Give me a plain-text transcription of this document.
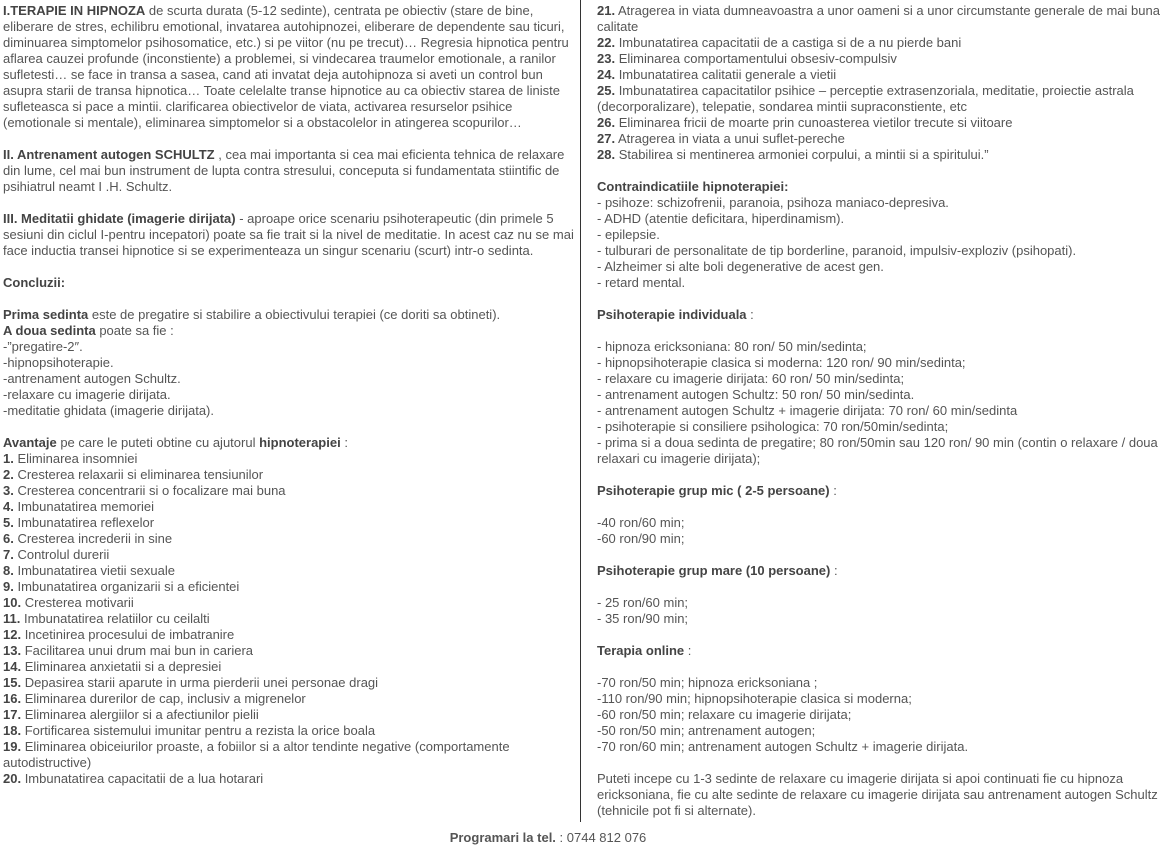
I.TERAPIE IN HIPNOZA de scurta durata (5-12 sedinte), centrata pe obiectiv (stare de bine, eliberare de stres, echilibru emotional, invatarea autohipnozei, eliberare de dependente sau ticuri, diminuarea simptomelor psihosomatice, etc.) si pe viitor (nu pe trecut)… Regresia hipnotica pentru aflarea cauzei profunde (inconstiente) a problemei, si vindecarea traumelor emotionale, a ranilor sufletesti… se face in transa a sasea, cand ati invatat deja autohipnoza si aveti un control bun asupra starii de transa hipnotica… Toate celelalte transe hipnotice au ca obiectiv starea de liniste sufleteasca si pace a mintii. clarificarea obiectivelor de viata, activarea resurselor psihice (emotionale si mentale), eliminarea simptomelor si a obstacolelor in atingerea scopurilor…

II. Antrenament autogen SCHULTZ , cea mai importanta si cea mai eficienta tehnica de relaxare din lume, cel mai bun instrument de lupta contra stresului, conceputa si fundamentata stiintific de psihiatrul neamt I .H. Schultz.

III. Meditatii ghidate (imagerie dirijata) - aproape orice scenariu psihoterapeutic (din primele 5 sesiuni din ciclul I-pentru incepatori) poate sa fie trait si la nivel de meditatie. In acest caz nu se mai face inductia transei hipnotice si se experimenteaza un singur scenariu (scurt) intr-o sedinta.

Concluzii:

Prima sedinta este de pregatire si stabilire a obiectivului terapiei (ce doriti sa obtineti).

A doua sedinta poate sa fie :

-”pregatire-2″.

-hipnopsihoterapie.

-antrenament autogen Schultz.

-relaxare cu imagerie dirijata.

-meditatie ghidata (imagerie dirijata).

Avantaje pe care le puteti obtine cu ajutorul hipnoterapiei :

1. Eliminarea insomniei

2. Cresterea relaxarii si eliminarea tensiunilor

3. Cresterea concentrarii si o focalizare mai buna

4. Imbunatatirea memoriei

5. Imbunatatirea reflexelor

6. Cresterea increderii in sine

7. Controlul durerii

8. Imbunatatirea vietii sexuale

9. Imbunatatirea organizarii si a eficientei

10. Cresterea motivarii

11. Imbunatatirea relatiilor cu ceilalti

12. Incetinirea procesului de imbatranire

13. Facilitarea unui drum mai bun in cariera

14. Eliminarea anxietatii si a depresiei

15. Depasirea starii aparute in urma pierderii unei personae dragi

16. Eliminarea durerilor de cap, inclusiv a migrenelor

17. Eliminarea alergiilor si a afectiunilor pielii

18. Fortificarea sistemului imunitar pentru a rezista la orice boala

19. Eliminarea obiceiurilor proaste, a fobiilor si a altor tendinte negative (comportamente autodistructive)

20. Imbunatatirea capacitatii de a lua hotarari

21. Atragerea in viata dumneavoastra a unor oameni si a unor circumstante generale de mai buna calitate

22. Imbunatatirea capacitatii de a castiga si de a nu pierde bani

23. Eliminarea comportamentului obsesiv-compulsiv

24. Imbunatatirea calitatii generale a vietii

25. Imbunatatirea capacitatilor psihice – perceptie extrasenzoriala, meditatie, proiectie astrala (decorporalizare), telepatie, sondarea mintii supraconstiente, etc

26. Eliminarea fricii de moarte prin cunoasterea vietilor trecute si viitoare

27. Atragerea in viata a unui suflet-pereche

28. Stabilirea si mentinerea armoniei corpului, a mintii si a spiritului.”

Contraindicatiile hipnoterapiei:

- psihoze: schizofrenii, paranoia, psihoza maniaco-depresiva.

- ADHD (atentie deficitara, hiperdinamism).

- epilepsie.

- tulburari de personalitate de tip borderline, paranoid, impulsiv-exploziv (psihopati).

- Alzheimer si alte boli degenerative de acest gen.

- retard mental.

Psihoterapie individuala :

- hipnoza ericksoniana: 80 ron/ 50 min/sedinta;

- hipnopsihoterapie clasica si moderna: 120 ron/ 90 min/sedinta;

- relaxare cu imagerie dirijata: 60 ron/ 50 min/sedinta;

- antrenament autogen Schultz: 50 ron/ 50 min/sedinta.

- antrenament autogen Schultz + imagerie dirijata: 70 ron/ 60 min/sedinta

- psihoterapie si consiliere psihologica: 70 ron/50min/sedinta;

- prima si a doua sedinta de pregatire; 80 ron/50min sau 120 ron/ 90 min (contin o relaxare / doua relaxari cu imagerie dirijata);

Psihoterapie grup mic ( 2-5 persoane) :

-40 ron/60 min;

-60 ron/90 min;

Psihoterapie grup mare (10 persoane) :

- 25 ron/60 min;

- 35 ron/90 min;

Terapia online :

-70 ron/50 min; hipnoza ericksoniana ;

-110 ron/90 min; hipnopsihoterapie clasica si moderna;

-60 ron/50 min; relaxare cu imagerie dirijata;

-50 ron/50 min; antrenament autogen;

-70 ron/60 min; antrenament autogen Schultz + imagerie dirijata.

Puteti incepe cu 1-3 sedinte de relaxare cu imagerie dirijata si apoi continuati fie cu hipnoza ericksoniana, fie cu alte sedinte de relaxare cu imagerie dirijata sau antrenament autogen Schultz (tehnicile pot fi si alternate).

Programari la tel. : 0744 812 076
